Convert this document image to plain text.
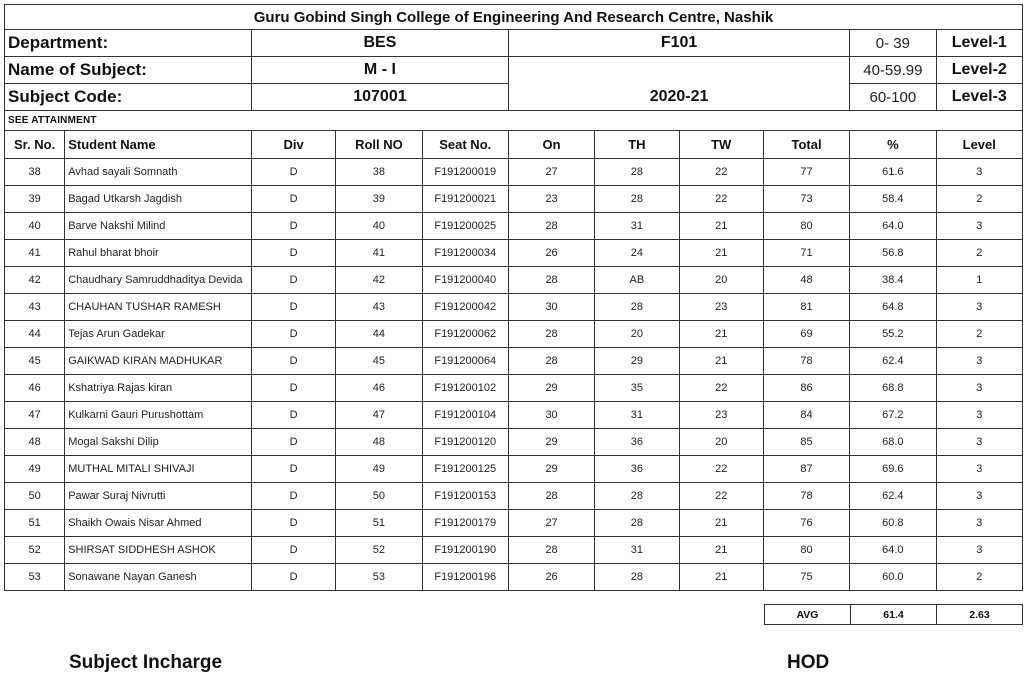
Guru Gobind Singh College of Engineering And Research Centre, Nashik										
Department:		BES			F101				0- 39	Level-1
Name of Subject:		M - I			2020-21				40-59.99	Level-2
Subject Code:		107001							60-100	Level-3
SEE ATTAINMENT										
Sr. No.	Student Name	Div	Roll NO	Seat No.	On	TH	TW	Total	%	Level
38	Avhad sayali Somnath	D	38	F191200019	27	28	22	77	61.6	3
39	Bagad Utkarsh Jagdish	D	39	F191200021	23	28	22	73	58.4	2
40	Barve Nakshi Milind	D	40	F191200025	28	31	21	80	64.0	3
41	Rahul bharat bhoir	D	41	F191200034	26	24	21	71	56.8	2
42	Chaudhary Samruddhaditya Devida	D	42	F191200040	28	AB	20	48	38.4	1
43	CHAUHAN TUSHAR RAMESH	D	43	F191200042	30	28	23	81	64.8	3
44	Tejas Arun Gadekar	D	44	F191200062	28	20	21	69	55.2	2
45	GAIKWAD KIRAN MADHUKAR	D	45	F191200064	28	29	21	78	62.4	3
46	Kshatriya Rajas kiran	D	46	F191200102	29	35	22	86	68.8	3
47	Kulkarni Gauri Purushottam	D	47	F191200104	30	31	23	84	67.2	3
48	Mogal Sakshi Dilip	D	48	F191200120	29	36	20	85	68.0	3
49	MUTHAL MITALI SHIVAJI	D	49	F191200125	29	36	22	87	69.6	3
50	Pawar Suraj Nivrutti	D	50	F191200153	28	28	22	78	62.4	3
51	Shaikh Owais Nisar Ahmed	D	51	F191200179	27	28	21	76	60.8	3
52	SHIRSAT SIDDHESH ASHOK	D	52	F191200190	28	31	21	80	64.0	3
53	Sonawane Nayan Ganesh	D	53	F191200196	26	28	21	75	60.0	2
AVG	61.4	2.63
Subject Incharge	HOD
